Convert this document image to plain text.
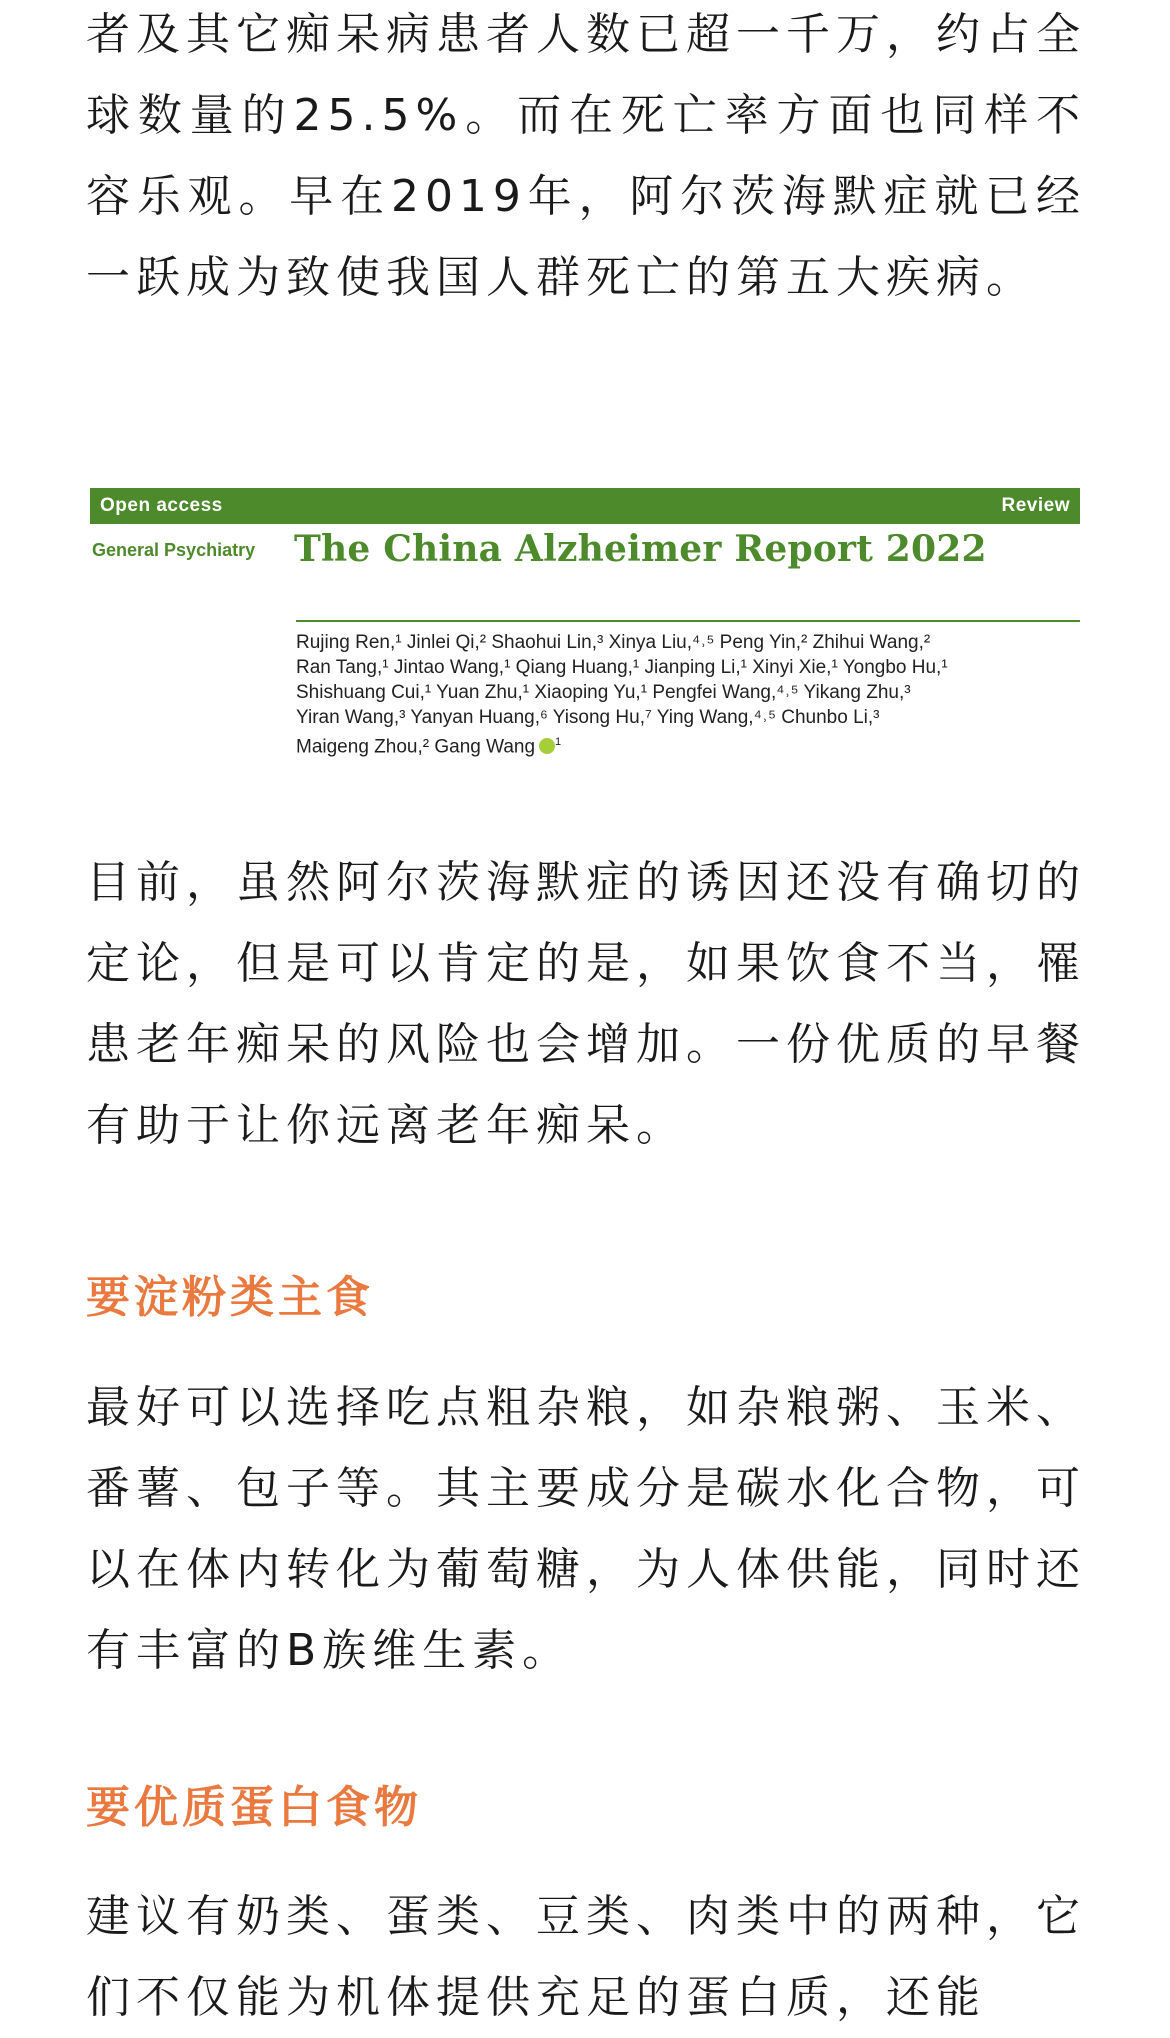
者及其它痴呆病患者人数已超一千万，约占全球数量的25.5%。而在死亡率方面也同样不容乐观。早在2019年，阿尔茨海默症就已经一跃成为致使我国人群死亡的第五大疾病。

Open access	Review
General Psychiatry The China Alzheimer Report 2022
Rujing Ren,¹ Jinlei Qi,² Shaohui Lin,³ Xinya Liu,⁴˒⁵ Peng Yin,² Zhihui Wang,²
Ran Tang,¹ Jintao Wang,¹ Qiang Huang,¹ Jianping Li,¹ Xinyi Xie,¹ Yongbo Hu,¹
Shishuang Cui,¹ Yuan Zhu,¹ Xiaoping Yu,¹ Pengfei Wang,⁴˒⁵ Yikang Zhu,³
Yiran Wang,³ Yanyan Huang,⁶ Yisong Hu,⁷ Ying Wang,⁴˒⁵ Chunbo Li,³
Maigeng Zhou,² Gang Wang $^1$

目前，虽然阿尔茨海默症的诱因还没有确切的定论，但是可以肯定的是，如果饮食不当，罹患老年痴呆的风险也会增加。一份优质的早餐有助于让你远离老年痴呆。

要淀粉类主食

最好可以选择吃点粗杂粮，如杂粮粥、玉米、番薯、包子等。其主要成分是碳水化合物，可以在体内转化为葡萄糖，为人体供能，同时还有丰富的B族维生素。

要优质蛋白食物

建议有奶类、蛋类、豆类、肉类中的两种，它们不仅能为机体提供充足的蛋白质，还能
